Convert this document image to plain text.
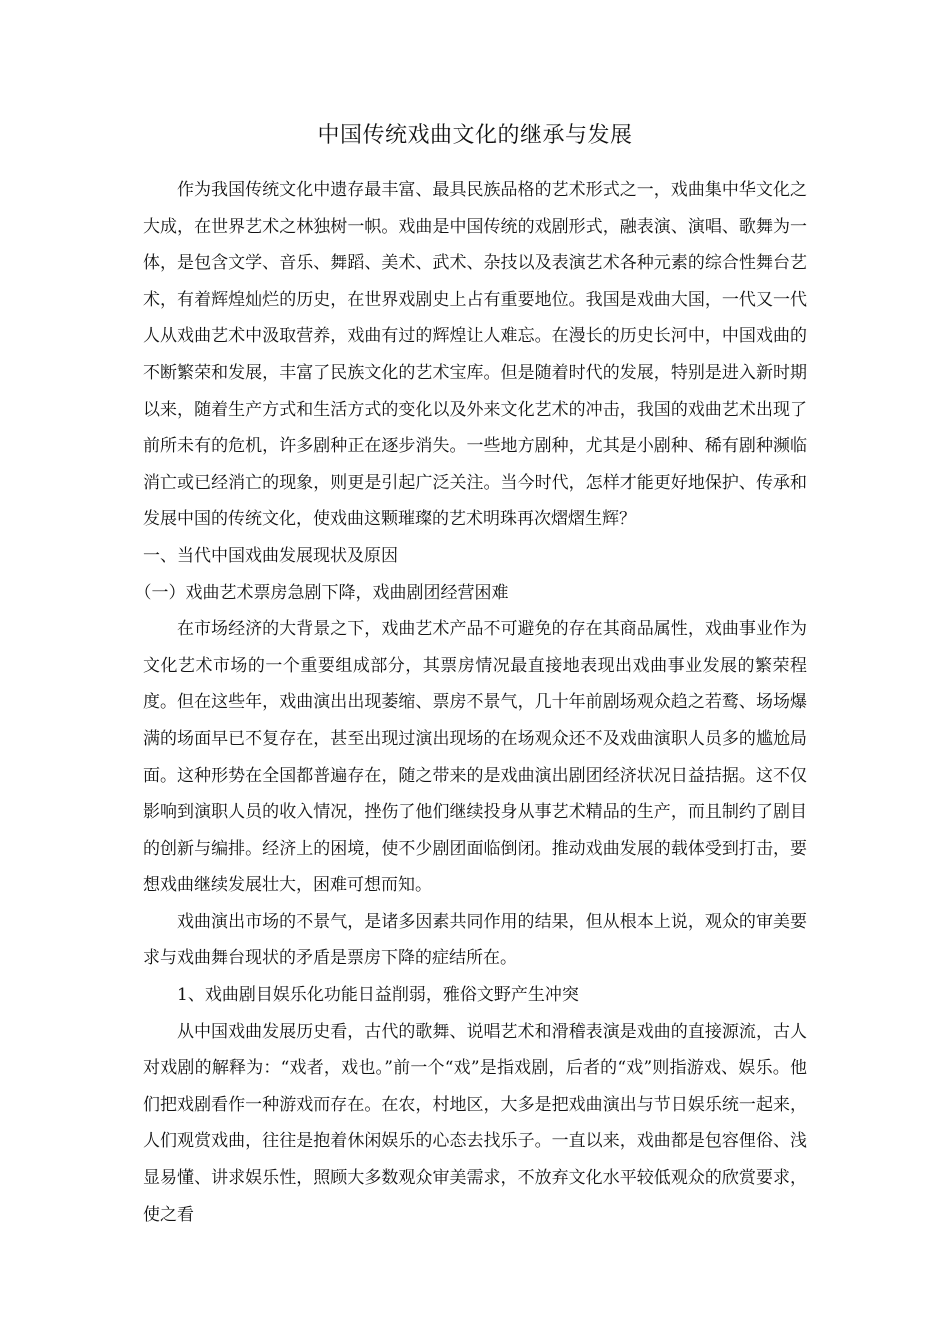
中国传统戏曲文化的继承与发展

作为我国传统文化中遗存最丰富、最具民族品格的艺术形式之一，戏曲集中华文化之大成，在世界艺术之林独树一帜。戏曲是中国传统的戏剧形式，融表演、演唱、歌舞为一体，是包含文学、音乐、舞蹈、美术、武术、杂技以及表演艺术各种元素的综合性舞台艺术，有着辉煌灿烂的历史，在世界戏剧史上占有重要地位。我国是戏曲大国，一代又一代人从戏曲艺术中汲取营养，戏曲有过的辉煌让人难忘。在漫长的历史长河中，中国戏曲的不断繁荣和发展，丰富了民族文化的艺术宝库。但是随着时代的发展，特别是进入新时期以来，随着生产方式和生活方式的变化以及外来文化艺术的冲击，我国的戏曲艺术出现了前所未有的危机，许多剧种正在逐步消失。一些地方剧种，尤其是小剧种、稀有剧种濒临消亡或已经消亡的现象，则更是引起广泛关注。当今时代，怎样才能更好地保护、传承和发展中国的传统文化，使戏曲这颗璀璨的艺术明珠再次熠熠生辉？

一、当代中国戏曲发展现状及原因

（一）戏曲艺术票房急剧下降，戏曲剧团经营困难

在市场经济的大背景之下，戏曲艺术产品不可避免的存在其商品属性，戏曲事业作为文化艺术市场的一个重要组成部分，其票房情况最直接地表现出戏曲事业发展的繁荣程度。但在这些年，戏曲演出出现萎缩、票房不景气，几十年前剧场观众趋之若鹜、场场爆满的场面早已不复存在，甚至出现过演出现场的在场观众还不及戏曲演职人员多的尴尬局面。这种形势在全国都普遍存在，随之带来的是戏曲演出剧团经济状况日益拮据。这不仅影响到演职人员的收入情况，挫伤了他们继续投身从事艺术精品的生产，而且制约了剧目的创新与编排。经济上的困境，使不少剧团面临倒闭。推动戏曲发展的载体受到打击，要想戏曲继续发展壮大，困难可想而知。

戏曲演出市场的不景气，是诸多因素共同作用的结果，但从根本上说，观众的审美要求与戏曲舞台现状的矛盾是票房下降的症结所在。

1、戏曲剧目娱乐化功能日益削弱，雅俗文野产生冲突

从中国戏曲发展历史看，古代的歌舞、说唱艺术和滑稽表演是戏曲的直接源流，古人对戏剧的解释为：“戏者，戏也。”前一个“戏”是指戏剧，后者的“戏”则指游戏、娱乐。他们把戏剧看作一种游戏而存在。在农，村地区，大多是把戏曲演出与节日娱乐统一起来，人们观赏戏曲，往往是抱着休闲娱乐的心态去找乐子。一直以来，戏曲都是包容俚俗、浅显易懂、讲求娱乐性，照顾大多数观众审美需求，不放弃文化水平较低观众的欣赏要求，使之看
